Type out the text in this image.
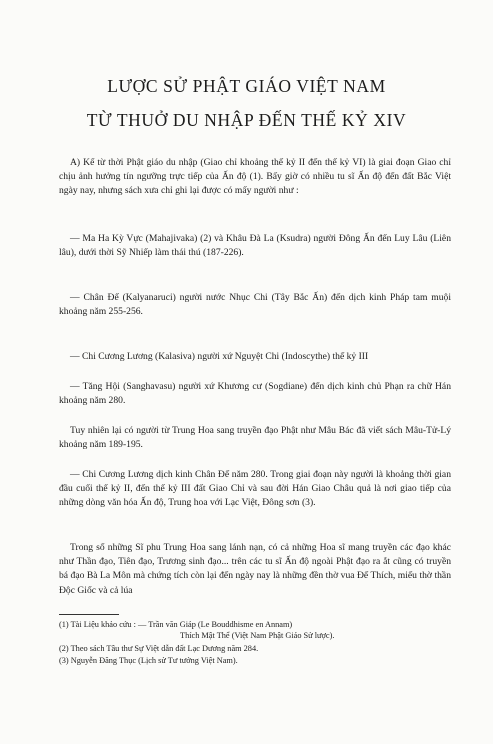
LƯỢC SỬ PHẬT GIÁO VIỆT NAM
TỪ THUỞ DU NHẬP ĐẾN THẾ KỶ XIV

A) Kể từ thời Phật giáo du nhập (Giao chỉ khoảng thế kỷ II đến thế kỷ VI) là giai đoạn Giao chỉ chịu ảnh hưởng tín ngưỡng trực tiếp của Ấn độ (1). Bấy giờ có nhiều tu sĩ Ấn độ đến đất Bắc Việt ngày nay, nhưng sách xưa chỉ ghi lại được có mấy người như :

— Ma Ha Kỳ Vực (Mahajivaka) (2) và Khâu Đà La (Ksudra) người Đông Ấn đến Luy Lâu (Liên lâu), dưới thời Sỹ Nhiếp làm thái thú (187-226).

— Chân Đế (Kalyanaruci) người nước Nhục Chi (Tây Bắc Ấn) đến dịch kinh Pháp tam muội khoảng năm 255-256.

— Chi Cương Lương (Kalasiva) người xứ Nguyệt Chi (Indoscythe) thế kỷ III

— Tăng Hội (Sanghavasu) người xứ Khương cư (Sogdiane) đến dịch kinh chủ Phạn ra chữ Hán khoảng năm 280.

Tuy nhiên lại có người từ Trung Hoa sang truyền đạo Phật như Mâu Bác đã viết sách Mâu-Tử-Lý khoảng năm 189-195.

— Chi Cương Lương dịch kinh Chân Đế năm 280. Trong giai đoạn này người là khoảng thời gian đầu cuối thế kỷ II, đến thế kỷ III đất Giao Chỉ và sau đời Hán Giao Châu quả là nơi giao tiếp của những dòng văn hóa Ấn độ, Trung hoa với Lạc Việt, Đông sơn (3).

Trong số những Sĩ phu Trung Hoa sang lánh nạn, có cả những Hoa sĩ mang truyền các đạo khác như Thần đạo, Tiên đạo, Trương sinh đạo... trên các tu sĩ Ấn độ ngoài Phật đạo ra ắt cũng có truyền bá đạo Bà La Môn mà chứng tích còn lại đến ngày nay là những đền thờ vua Đế Thích, miếu thờ thần Độc Giốc và cả lúa

(1) Tài Liệu khảo cứu : — Trần văn Giáp (Le Bouddhisme en Annam)
Thích Mật Thể (Việt Nam Phật Giáo Sử lược).
(2) Theo sách Tâu thư Sự Việt dẫn đất Lạc Dương năm 284.
(3) Nguyễn Đăng Thục (Lịch sử Tư tưởng Việt Nam).
